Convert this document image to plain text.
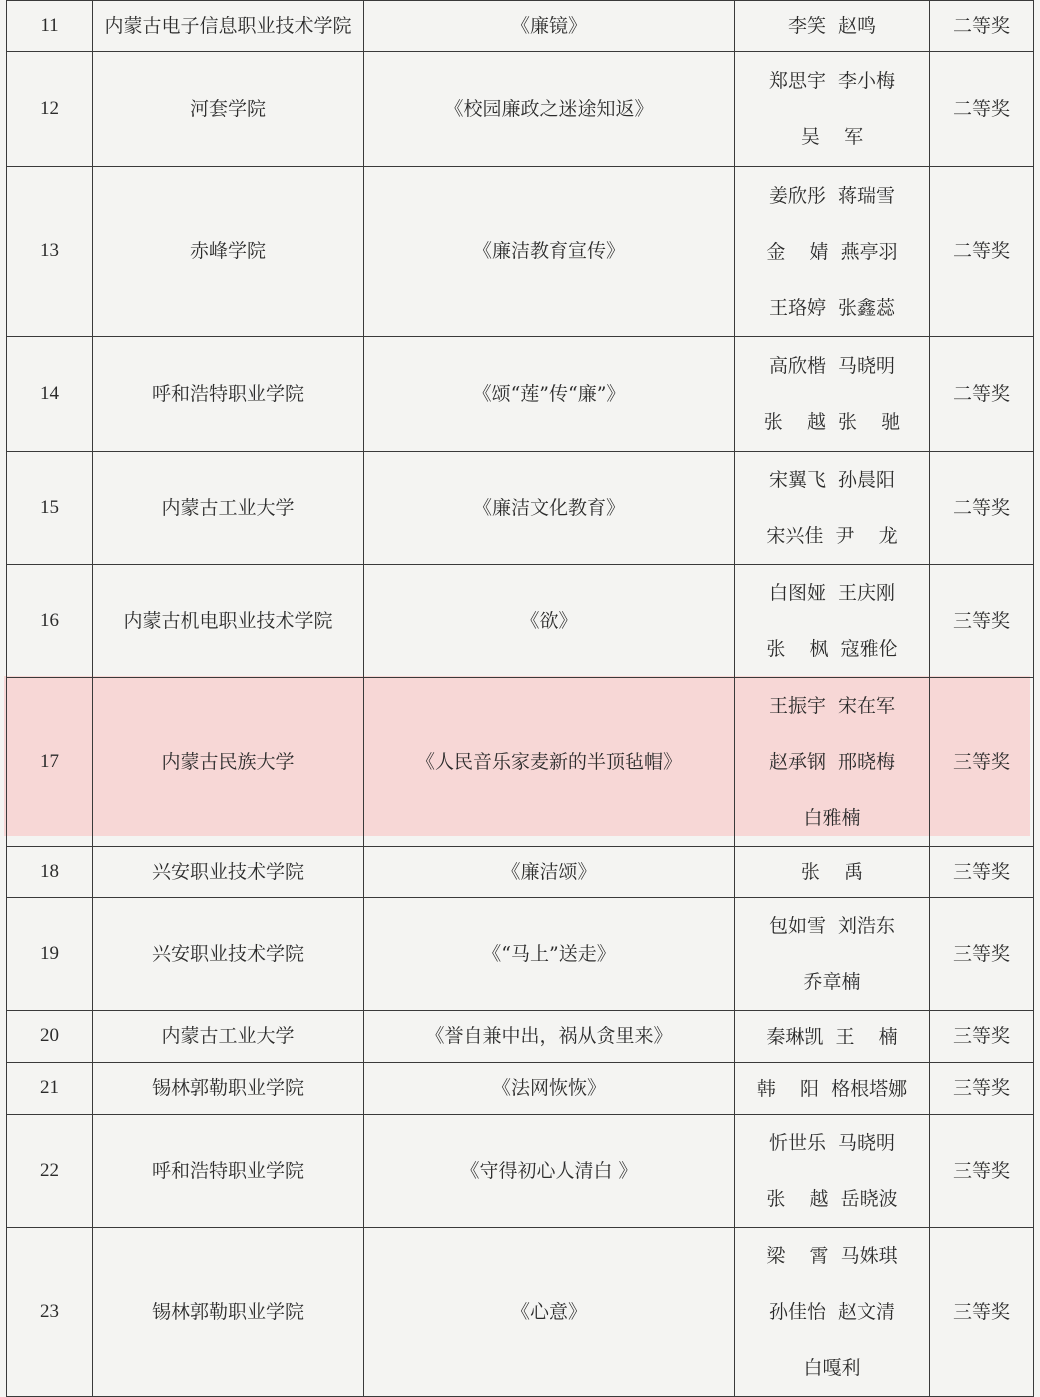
11	内蒙古电子信息职业技术学院	《廉镜》	李笑  赵鸣	二等奖
12	河套学院	《校园廉政之迷途知返》	郑思宇  李小梅
吴    军	二等奖
13	赤峰学院	《廉洁教育宣传》	姜欣彤  蒋瑞雪
金    婧  燕亭羽
王珞婷  张鑫蕊	二等奖
14	呼和浩特职业学院	《颂“莲”传“廉”》	高欣楷  马晓明
张    越  张    驰	二等奖
15	内蒙古工业大学	《廉洁文化教育》	宋翼飞  孙晨阳
宋兴佳  尹    龙	二等奖
16	内蒙古机电职业技术学院	《欲》	白图娅  王庆刚
张    枫  寇雅伦	三等奖
17	内蒙古民族大学	《人民音乐家麦新的半顶毡帽》	王振宇  宋在军
赵承钢  邢晓梅
白雅楠	三等奖
18	兴安职业技术学院	《廉洁颂》	张    禹	三等奖
19	兴安职业技术学院	《“马上”送走》	包如雪  刘浩东
乔章楠	三等奖
20	内蒙古工业大学	《誉自兼中出，祸从贪里来》	秦琳凯  王    楠	三等奖
21	锡林郭勒职业学院	《法网恢恢》	韩    阳  格根塔娜	三等奖
22	呼和浩特职业学院	《守得初心人清白 》	忻世乐  马晓明
张    越  岳晓波	三等奖
23	锡林郭勒职业学院	《心意》	梁    霄  马姝琪
孙佳怡  赵文清
白嘎利	三等奖
